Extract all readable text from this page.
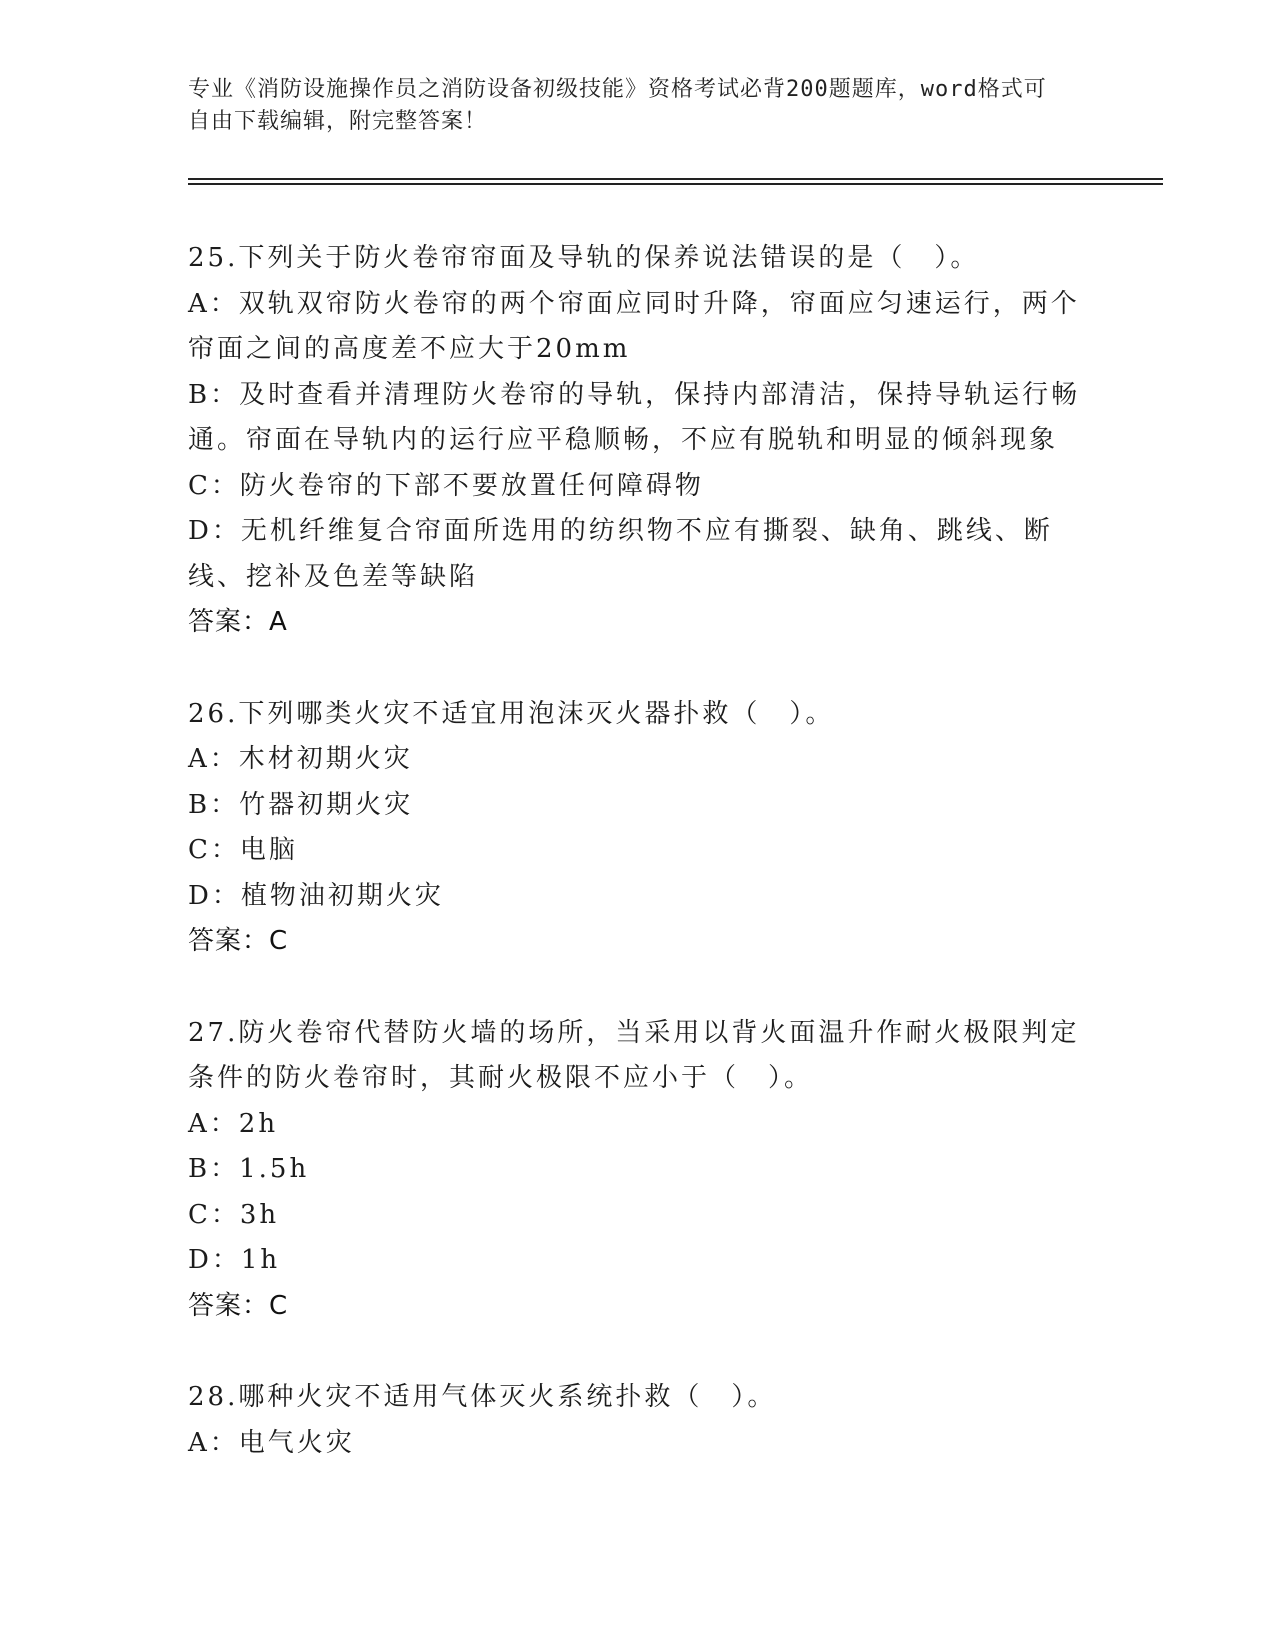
专业《消防设施操作员之消防设备初级技能》资格考试必背200题题库，word格式可自由下载编辑，附完整答案！

25.下列关于防火卷帘帘面及导轨的保养说法错误的是（　）。

A：双轨双帘防火卷帘的两个帘面应同时升降，帘面应匀速运行，两个帘面之间的高度差不应大于20mm

B：及时查看并清理防火卷帘的导轨，保持内部清洁，保持导轨运行畅通。帘面在导轨内的运行应平稳顺畅，不应有脱轨和明显的倾斜现象

C：防火卷帘的下部不要放置任何障碍物

D：无机纤维复合帘面所选用的纺织物不应有撕裂、缺角、跳线、断线、挖补及色差等缺陷

答案：A

26.下列哪类火灾不适宜用泡沫灭火器扑救（　）。

A：木材初期火灾

B：竹器初期火灾

C：电脑

D：植物油初期火灾

答案：C

27.防火卷帘代替防火墙的场所，当采用以背火面温升作耐火极限判定条件的防火卷帘时，其耐火极限不应小于（　）。

A：2h

B：1.5h

C：3h

D：1h

答案：C

28.哪种火灾不适用气体灭火系统扑救（　）。

A：电气火灾
